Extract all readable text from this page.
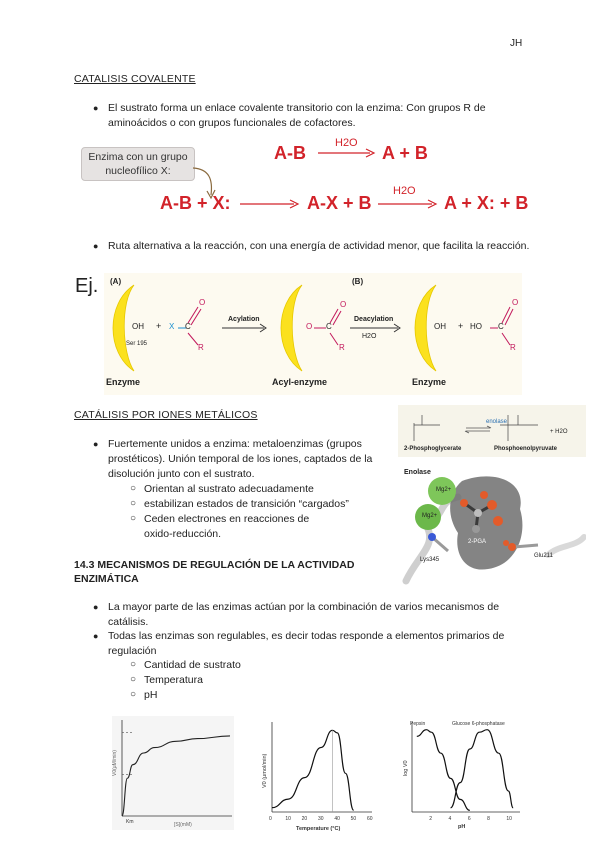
JH
CATALISIS COVALENTE
● El sustrato forma un enlace covalente transitorio con la enzima: Con grupos R de aminoácidos o con grupos funcionales de cofactores.
Enzima con un grupo nucleofílico X:
A-B	H2O A + B
A-B + X:	A-X + B
H2O
A + X: + B
● Ruta alternativa a la reacción, con una energía de actividad menor, que facilita la reacción.
Ej. (A)	(B)
OH
Ser 195
+ X C
O
R
Acylation
O C
O
R
Deacylation
H2O
OH + HO C
O
R
Enzyme	Acyl-enzyme	Enzyme
CATÁLISIS POR IONES METÁLICOS
● Fuertemente unidos a enzima: metaloenzimas (grupos prostéticos). Unión temporal de los iones, captados de la disolución junto con el sustrato.
○ Orientan al sustrato adecuadamente
○ estabilizan estados de transición “cargados”
○ Ceden electrones en reacciones de oxido-reducción.
enolase
2-Phosphoglycerate	Phosphoenolpyruvate
+ H2O
Enolase
Mg2+
Mg2+
2-PGA
Lys345
Glu211
14.3 MECANISMOS DE REGULACIÓN DE LA ACTIVIDAD ENZIMÁTICA
● La mayor parte de las enzimas actúan por la combinación de varios mecanismos de catálisis.
● Todas las enzimas son regulables, es decir todas responde a elementos primarios de regulación
○ Cantidad de sustrato
○ Temperatura
○ pH
V0(μM/min)
[S](mM)
Km	0	10 20 30 40 50 60
V0 (μmol/min)
Temperature (°C)
2	4	6	8	10
log V0
pH
Pepsin	Glucose 6-phosphatase
